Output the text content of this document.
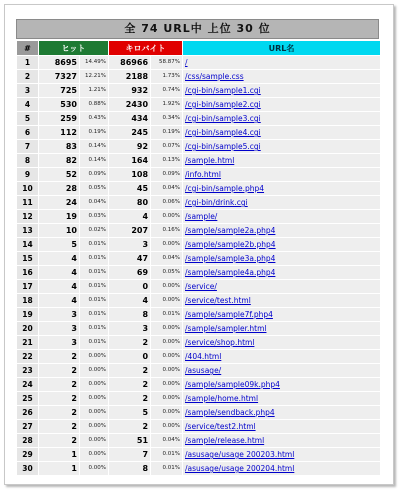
全 74 URL中 上位 30 位
#	ヒット		キロバイト		URL名
1	8695	14.49%	86966	58.87%	/
2	7327	12.21%	2188	1.73%	/css/sample.css
3	725	1.21%	932	0.74%	/cgi-bin/sample1.cgi
4	530	0.88%	2430	1.92%	/cgi-bin/sample2.cgi
5	259	0.43%	434	0.34%	/cgi-bin/sample3.cgi
6	112	0.19%	245	0.19%	/cgi-bin/sample4.cgi
7	83	0.14%	92	0.07%	/cgi-bin/sample5.cgi
8	82	0.14%	164	0.13%	/sample.html
9	52	0.09%	108	0.09%	/info.html
10	28	0.05%	45	0.04%	/cgi-bin/sample.php4
11	24	0.04%	80	0.06%	/cgi-bin/drink.cgi
12	19	0.03%	4	0.00%	/sample/
13	10	0.02%	207	0.16%	/sample/sample2a.php4
14	5	0.01%	3	0.00%	/sample/sample2b.php4
15	4	0.01%	47	0.04%	/sample/sample3a.php4
16	4	0.01%	69	0.05%	/sample/sample4a.php4
17	4	0.01%	0	0.00%	/service/
18	4	0.01%	4	0.00%	/service/test.html
19	3	0.01%	8	0.01%	/sample/sample7f.php4
20	3	0.01%	3	0.00%	/sample/sampler.html
21	3	0.01%	2	0.00%	/service/shop.html
22	2	0.00%	0	0.00%	/404.html
23	2	0.00%	2	0.00%	/asusage/
24	2	0.00%	2	0.00%	/sample/sample09k.php4
25	2	0.00%	2	0.00%	/sample/home.html
26	2	0.00%	5	0.00%	/sample/sendback.php4
27	2	0.00%	2	0.00%	/service/test2.html
28	2	0.00%	51	0.04%	/sample/release.html
29	1	0.00%	7	0.01%	/asusage/usage 200203.html
30	1	0.00%	8	0.01%	/asusage/usage 200204.html
